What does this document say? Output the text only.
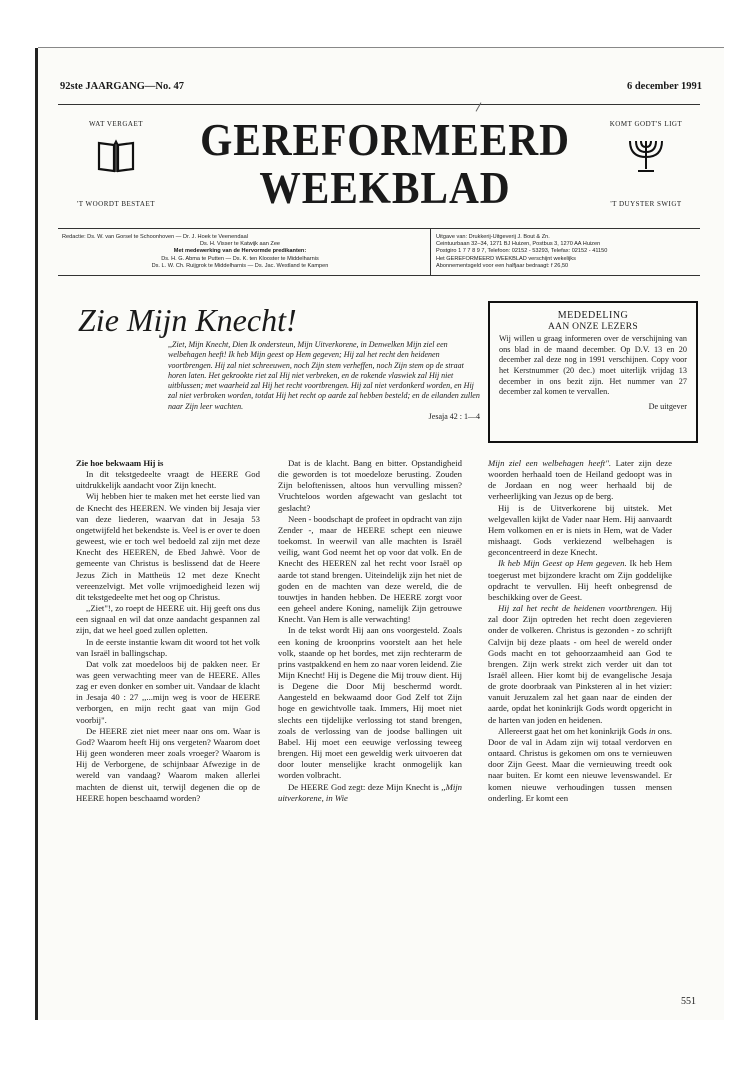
92ste JAARGANG—No. 47	6 december 1991
WAT VERGAET
'T WOORDT BESTAET
KOMT GODT'S LIGT
'T DUYSTER SWIGT
GEREFORMEERD
WEEKBLAD
Redactie: Ds. W. van Gorsel te Schoonhoven — Dr. J. Hoek te Veenendaal
Ds. H. Visser te Katwijk aan Zee
Met medewerking van de Hervormde predikanten:
Ds. H. G. Abma te Putten — Ds. K. ten Klooster te Middelharnis
Ds. L. W. Ch. Ruijgrok te Middelharnis — Ds. Jac. Westland te Kampen
Uitgave van: Drukkerij-Uitgeverij J. Bout & Zn.
Ceintuurbaan 32–34, 1271 BJ Huizen, Postbus 3, 1270 AA Huizen
Postgiro 1 7 7 8 9 7, Telefoon: 02152 - 53293, Telefax: 02152 - 41150
Het GEREFORMEERD WEEKBLAD verschijnt wekelijks
Abonnementsgeld voor een halfjaar bedraagt: f 26,50
Zie Mijn Knecht!	MEDEDELING
AAN ONZE LEZERS
Wij willen u graag informeren over de verschijning van ons blad in de maand december. Op D.V. 13 en 20 december zal deze nog in 1991 verschijnen. Copy voor het Kerstnummer (20 dec.) moet uiterlijk vrijdag 13 december in ons bezit zijn. Het nummer van 27 december zal komen te vervallen.
De uitgever
,,Ziet, Mijn Knecht, Dien Ik ondersteun, Mijn Uitverkorene, in Denwelken Mijn ziel een welbehagen heeft! Ik heb Mijn geest op Hem gegeven; Hij zal het recht den heidenen voortbrengen. Hij zal niet schreeuwen, noch Zijn stem verheffen, noch Zijn stem op de straat horen laten. Het gekrookte riet zal Hij niet verbreken, en de rokende vlaswiek zal Hij niet uitblussen; met waarheid zal Hij het recht voortbrengen. Hij zal niet verdonkerd worden, en Hij zal niet verbroken worden, totdat Hij het recht op aarde zal hebben besteld; en de eilanden zullen naar Zijn leer wachten.
Jesaja 42 : 1—4

Zie hoe bekwaam Hij is

In dit tekstgedeelte vraagt de HEERE God uitdrukkelijk aandacht voor Zijn knecht.

Wij hebben hier te maken met het eerste lied van de Knecht des HEEREN. We vinden bij Jesaja vier van deze liederen, waarvan dat in Jesaja 53 ongetwijfeld het bekendste is. Veel is er over te doen geweest, wie er toch wel bedoeld zal zijn met deze Knecht des HEEREN, de Ebed Jahwè. Voor de gemeente van Christus is beslissend dat de Heere Jezus Zich in Mattheüs 12 met deze Knecht vereenzelvigt. Met volle vrijmoedigheid lezen wij dit tekstgedeelte met het oog op Christus.

,,Ziet"!, zo roept de HEERE uit. Hij geeft ons dus een signaal en wil dat onze aandacht gespannen zal zijn, dat we heel goed zullen opletten.

In de eerste instantie kwam dit woord tot het volk van Israël in ballingschap.

Dat volk zat moedeloos bij de pakken neer. Er was geen verwachting meer van de HEERE. Alles zag er even donker en somber uit. Vandaar de klacht in Jesaja 40 : 27 ,,...mijn weg is voor de HEERE verborgen, en mijn recht gaat van mijn God voorbij".

De HEERE ziet niet meer naar ons om. Waar is God? Waarom heeft Hij ons vergeten? Waarom doet Hij geen wonderen meer zoals vroeger? Waarom is Hij de Verborgene, de schijnbaar Afwezige in de wereld van vandaag? Waarom maken allerlei machten de dienst uit, terwijl degenen die op de HEERE hopen beschaamd worden?

Dat is de klacht. Bang en bitter. Opstandigheid die geworden is tot moedeloze berusting. Zouden Zijn beloftenissen, altoos hun vervulling missen? Vruchteloos worden afgewacht van geslacht tot geslacht?

Neen - boodschapt de profeet in opdracht van zijn Zender -, maar de HEERE schept een nieuwe toekomst. In weerwil van alle machten is Israël veilig, want God neemt het op voor dat volk. En de Knecht des HEEREN zal het recht voor Israël op aarde tot stand brengen. Uiteindelijk zijn het niet de goden en de machten van deze wereld, die de touwtjes in handen hebben. De HEERE zorgt voor een geheel andere Koning, namelijk Zijn getrouwe Knecht. Van Hem is alle verwachting!

In de tekst wordt Hij aan ons voorgesteld. Zoals een koning de kroonprins voorstelt aan het hele volk, staande op het bordes, met zijn rechterarm de prins vastpakkend en hem zo naar voren leidend. Zie Mijn Knecht! Hij is Degene die Mij trouw dient. Hij is Degene die Door Mij beschermd wordt. Aangesteld en bekwaamd door God Zelf tot Zijn hoge en gewichtvolle taak. Immers, Hij moet niet slechts een tijdelijke verlossing tot stand brengen, zoals de verlossing van de joodse ballingen uit Babel. Hij moet een eeuwige verlossing teweeg brengen. Hij moet een geweldig werk uitvoeren dat door louter menselijke kracht onmogelijk kan worden volbracht.

De HEERE God zegt: deze Mijn Knecht is ,,Mijn uitverkorene, in Wie

Mijn ziel een welbehagen heeft". Later zijn deze woorden herhaald toen de Heiland gedoopt was in de Jordaan en nog weer herhaald bij de verheerlijking van Jezus op de berg.

Hij is de Uitverkorene bij uitstek. Met welgevallen kijkt de Vader naar Hem. Hij aanvaardt Hem volkomen en er is niets in Hem, wat de Vader mishaagt. Gods verkiezend welbehagen is geconcentreerd in deze Knecht.

Ik heb Mijn Geest op Hem gegeven. Ik heb Hem toegerust met bijzondere kracht om Zijn goddelijke opdracht te vervullen. Hij heeft onbegrensd de beschikking over de Geest.

Hij zal het recht de heidenen voortbrengen. Hij zal door Zijn optreden het recht doen zegevieren onder de volkeren. Christus is gezonden - zo schrijft Calvijn bij deze plaats - om heel de wereld onder Gods macht en tot gehoorzaamheid aan God te brengen. Zijn werk strekt zich verder uit dan tot Israël alleen. Hier komt bij de evangelische Jesaja de grote doorbraak van Pinksteren al in het vizier: vanuit Jeruzalem zal het gaan naar de einden der aarde, opdat het koninkrijk Gods wordt opgericht in de harten van joden en heidenen.

Allereerst gaat het om het koninkrijk Gods in ons. Door de val in Adam zijn wij totaal verdorven en ontaard. Christus is gekomen om ons te vernieuwen door Zijn Geest. Maar die vernieuwing treedt ook naar buiten. Er komt een nieuwe levenswandel. Er komen nieuwe verhoudingen tussen mensen onderling. Er komt een

551
